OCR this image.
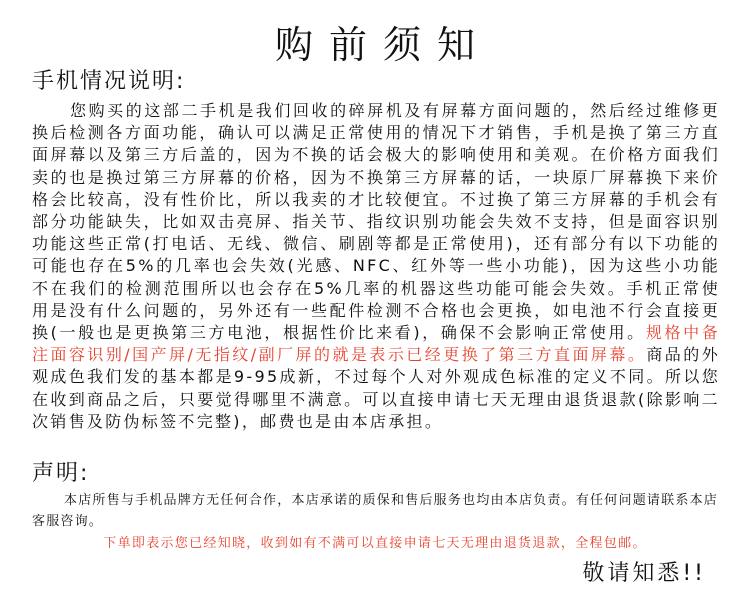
购前须知
手机情况说明:

您购买的这部二手机是我们回收的碎屏机及有屏幕方面问题的，然后经过维修更换后检测各方面功能，确认可以满足正常使用的情况下才销售，手机是换了第三方直面屏幕以及第三方后盖的，因为不换的话会极大的影响使用和美观。在价格方面我们卖的也是换过第三方屏幕的价格，因为不换第三方屏幕的话，一块原厂屏幕换下来价格会比较高，没有性价比，所以我卖的才比较便宜。不过换了第三方屏幕的手机会有部分功能缺失，比如双击亮屏、指关节、指纹识别功能会失效不支持，但是面容识别功能这些正常(打电话、无线、微信、刷剧等都是正常使用)，还有部分有以下功能的可能也存在5%的几率也会失效(光感、NFC、红外等一些小功能)，因为这些小功能不在我们的检测范围所以也会存在5%几率的机器这些功能可能会失效。手机正常使用是没有什么问题的，另外还有一些配件检测不合格也会更换，如电池不行会直接更换(一般也是更换第三方电池，根据性价比来看)，确保不会影响正常使用。规格中备注面容识别/国产屏/无指纹/副厂屏的就是表示已经更换了第三方直面屏幕。商品的外观成色我们发的基本都是9-95成新，不过每个人对外观成色标准的定义不同。所以您在收到商品之后，只要觉得哪里不满意。可以直接申请七天无理由退货退款(除影响二次销售及防伪标签不完整)，邮费也是由本店承担。

声明:

本店所售与手机品牌方无任何合作，本店承诺的质保和售后服务也均由本店负责。有任何问题请联系本店客服咨询。

下单即表示您已经知晓，收到如有不满可以直接申请七天无理由退货退款，全程包邮。
敬请知悉!!
